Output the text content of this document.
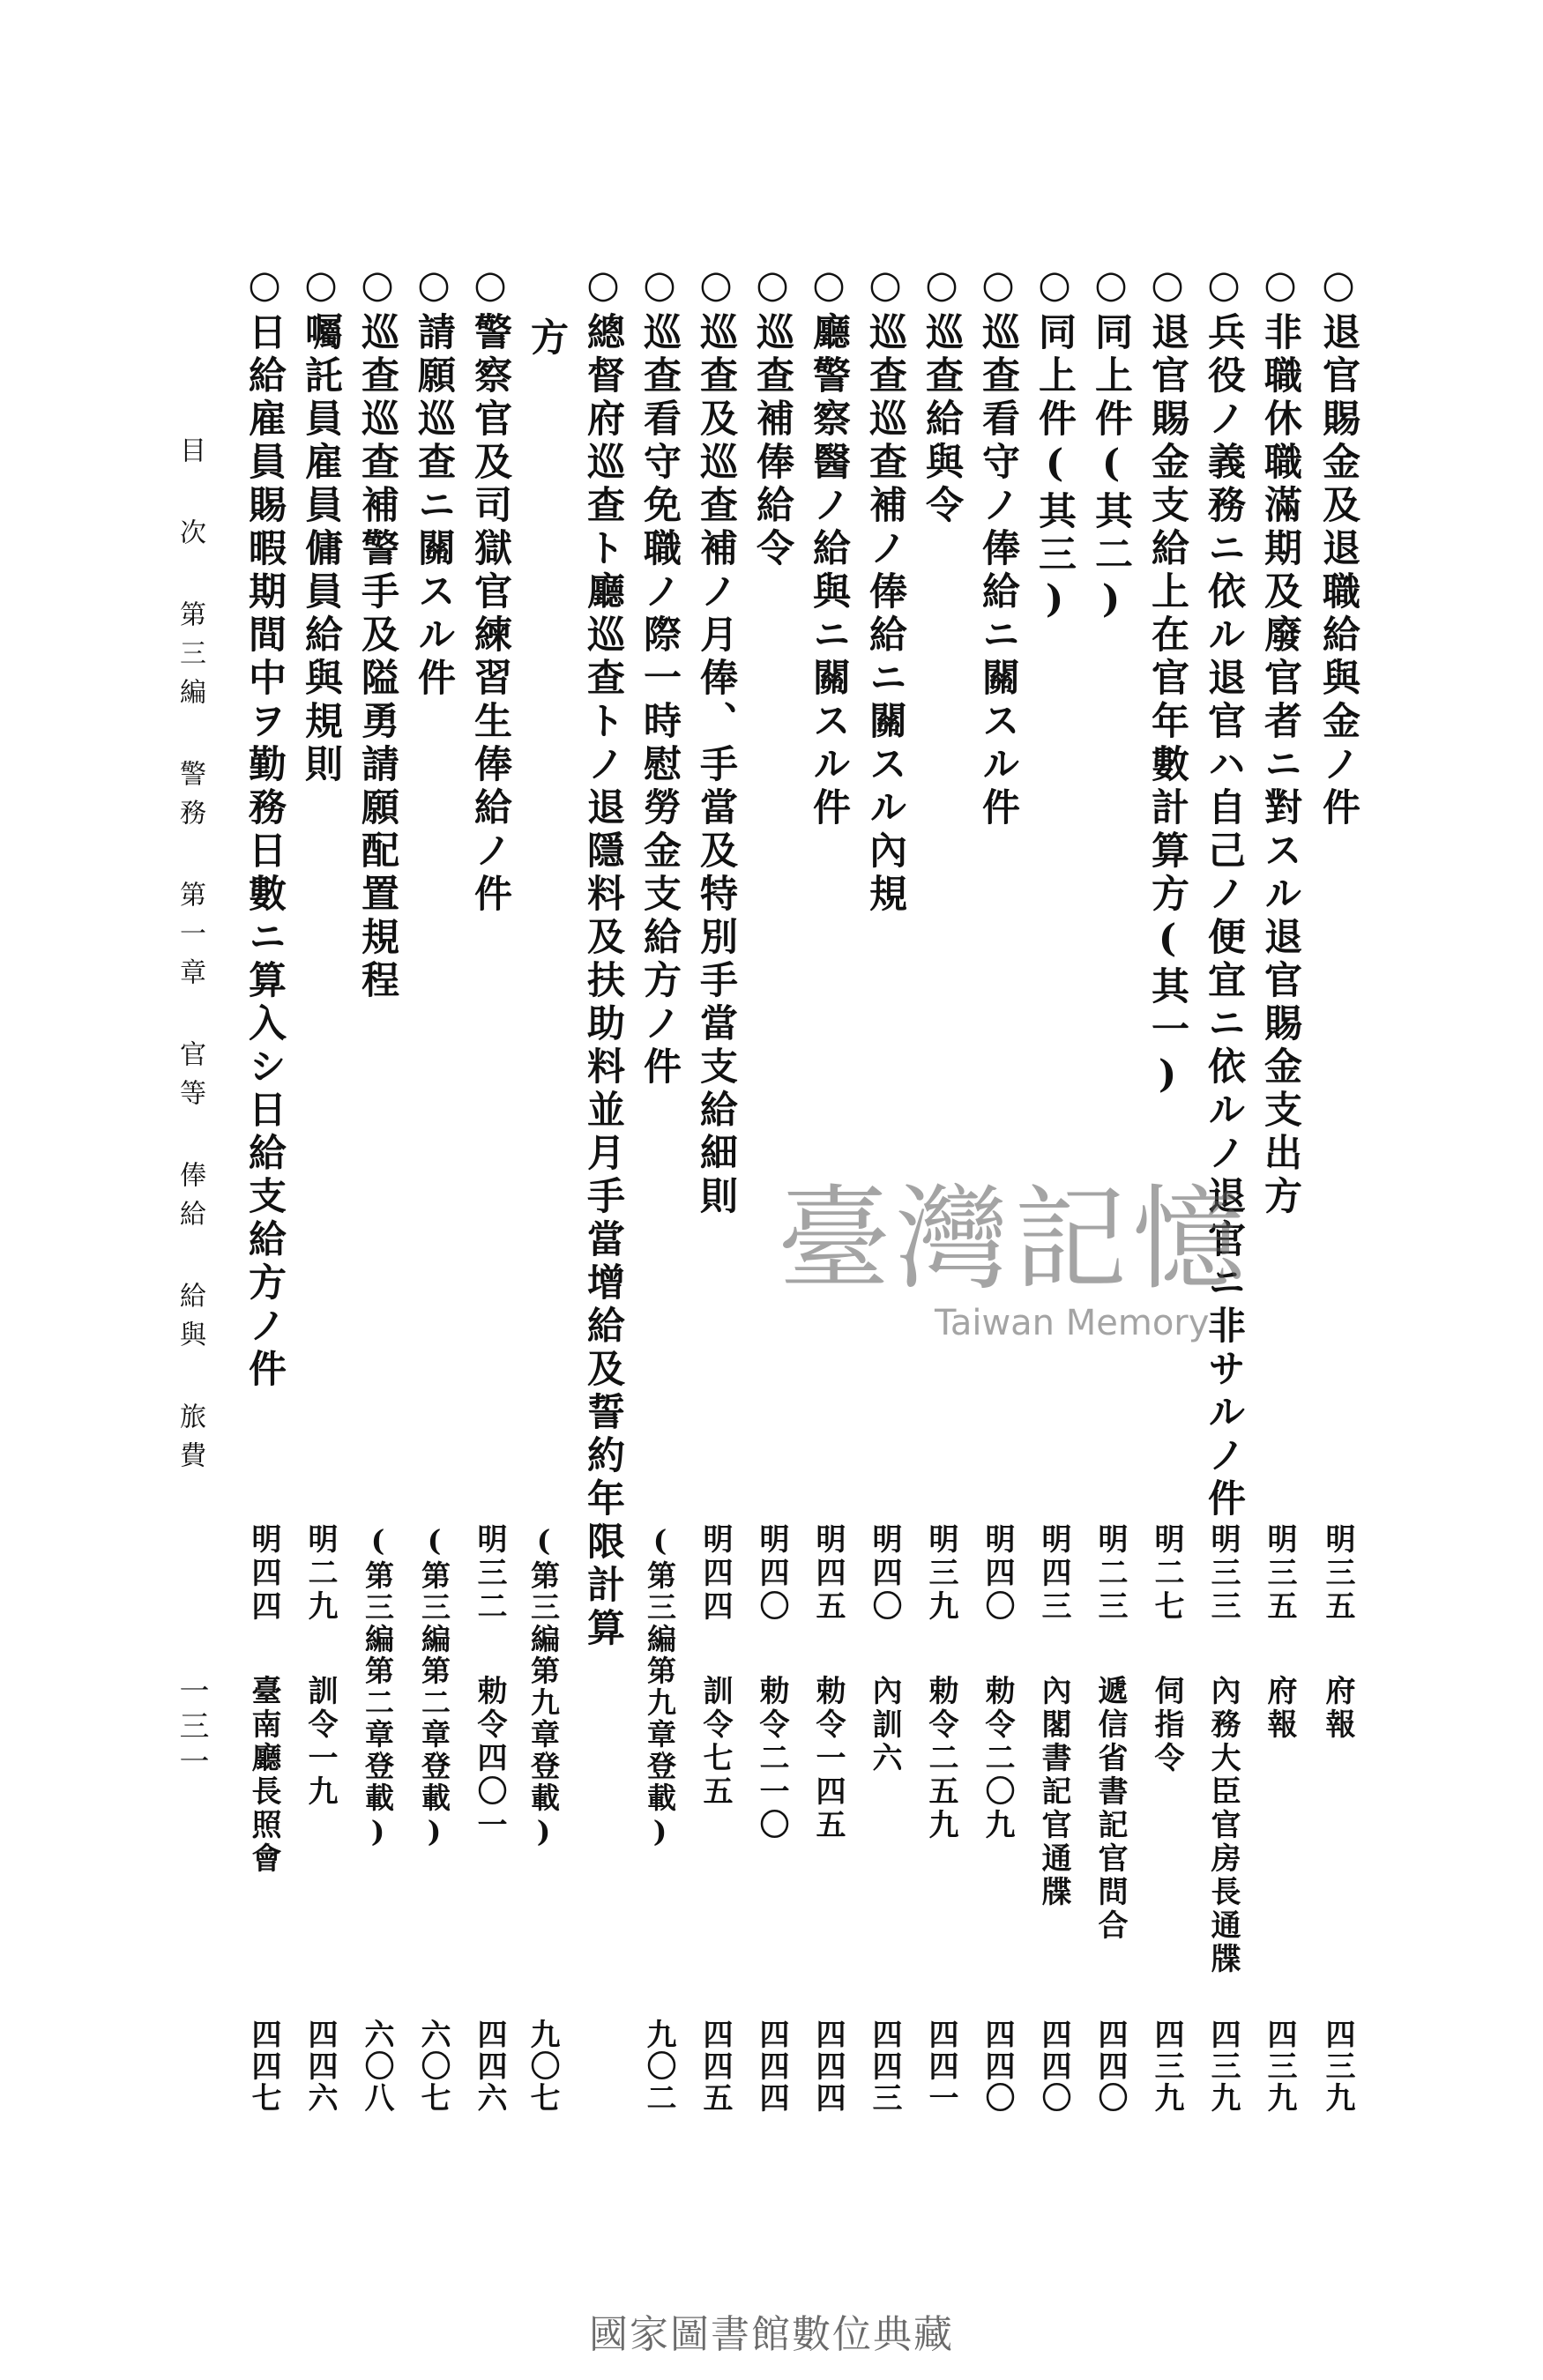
○退官賜金及退職給與金ノ件
明三五
府報
四三九
○非職休職滿期及廢官者ニ對スル退官賜金支出方
明三五
府報
四三九
○兵役ノ義務ニ依ル退官ハ自己ノ便宜ニ依ルノ退官ニ非サルノ件
明三三
內務大臣官房長通牒
四三九
○退官賜金支給上在官年數計算方(其一)
明二七
伺指令
四三九
○同上件(其二)
明二三
遞信省書記官問合
四四〇
○同上件(其三)
明四三
內閣書記官通牒
四四〇
○巡查看守ノ俸給ニ關スル件
明四〇
勅令二〇九
四四〇
○巡查給與令
明三九
勅令二五九
四四一
○巡查巡查補ノ俸給ニ關スル內規
明四〇
內訓六
四四三
○廳警察醫ノ給與ニ關スル件
明四五
勅令一四五
四四四
○巡查補俸給令
明四〇
勅令二一〇
四四四
○巡查及巡查補ノ月俸、手當及特別手當支給細則
明四四
訓令七五
四四五
○巡查看守免職ノ際一時慰勞金支給方ノ件
(第三編第九章登載)
九〇二
○總督府巡查ト廳巡查トノ退隱料及扶助料並月手當增給及誓約年限計算
方
(第三編第九章登載)
九〇七
○警察官及司獄官練習生俸給ノ件
明三二
勅令四〇一
四四六
○請願巡查ニ關スル件
(第三編第二章登載)
六〇七
○巡查巡查補警手及隘勇請願配置規程
(第三編第二章登載)
六〇八
○囑託員雇員傭員給與規則
明二九
訓令一九
四四六
○日給雇員賜暇期間中ヲ勤務日數ニ算入シ日給支給方ノ件
明四四
臺南廳長照會
四四七
目 次 第三編 警務 第一章 官等 俸給 給與 旅費
一三一
臺灣記憶
Taiwan Memory
國家圖書館數位典藏
